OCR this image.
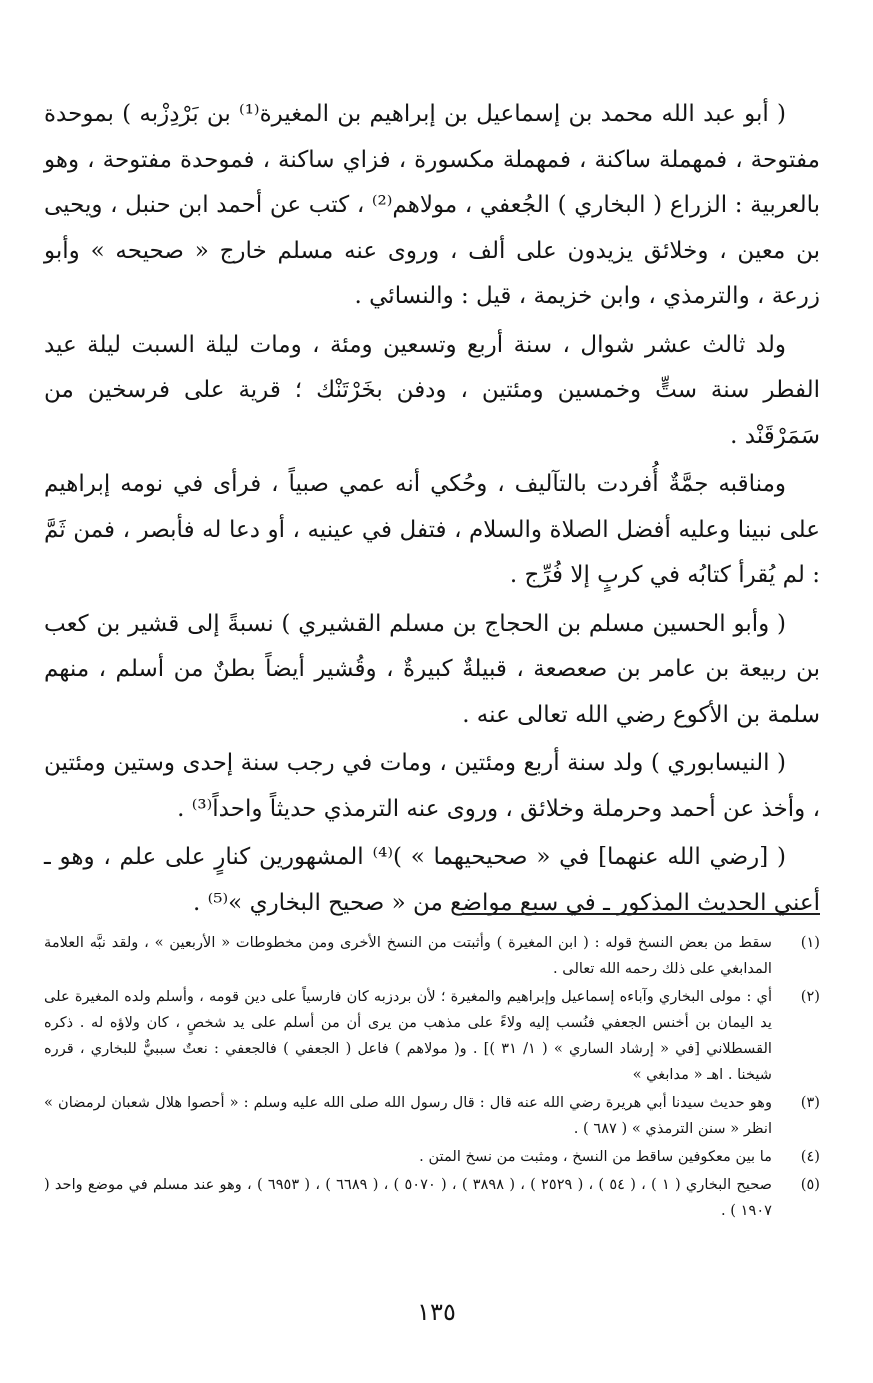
( أبو عبد الله محمد بن إسماعيل بن إبراهيم بن المغيرة⁽¹⁾ بن بَرْدِزْبه ) بموحدة مفتوحة ، فمهملة ساكنة ، فمهملة مكسورة ، فزاي ساكنة ، فموحدة مفتوحة ، وهو بالعربية : الزراع ( البخاري ) الجُعفي ، مولاهم⁽²⁾ ، كتب عن أحمد ابن حنبل ، ويحيى بن معين ، وخلائق يزيدون على ألف ، وروى عنه مسلم خارج « صحيحه » وأبو زرعة ، والترمذي ، وابن خزيمة ، قيل : والنسائي .

ولد ثالث عشر شوال ، سنة أربع وتسعين ومئة ، ومات ليلة السبت ليلة عيد الفطر سنة ستٍّ وخمسين ومئتين ، ودفن بخَرْتَنْك ؛ قرية على فرسخين من سَمَرْقَنْد .

ومناقبه جمَّةٌ أُفردت بالتآليف ، وحُكي أنه عمي صبياً ، فرأى في نومه إبراهيم على نبينا وعليه أفضل الصلاة والسلام ، فتفل في عينيه ، أو دعا له فأبصر ، فمن ثَمَّ : لم يُقرأ كتابُه في كربٍ إلا فُرِّج .

( وأبو الحسين مسلم بن الحجاج بن مسلم القشيري ) نسبةً إلى قشير بن كعب بن ربيعة بن عامر بن صعصعة ، قبيلةٌ كبيرةٌ ، وقُشير أيضاً بطنٌ من أسلم ، منهم سلمة بن الأكوع رضي الله تعالى عنه .

( النيسابوري ) ولد سنة أربع ومئتين ، ومات في رجب سنة إحدى وستين ومئتين ، وأخذ عن أحمد وحرملة وخلائق ، وروى عنه الترمذي حديثاً واحداً⁽³⁾ .

( [رضي الله عنهما] في « صحيحيهما » )⁽⁴⁾ المشهورين كنارٍ على علم ، وهو ـ أعني الحديث المذكور ـ في سبع مواضع من « صحيح البخاري »⁽⁵⁾ .

(١)
سقط من بعض النسخ قوله : ( ابن المغيرة ) وأثبتت من النسخ الأخرى ومن مخطوطات « الأربعين » ، ولقد نبَّه العلامة المدابغي على ذلك رحمه الله تعالى .
(٢)
أي : مولى البخاري وآباءه إسماعيل وإبراهيم والمغيرة ؛ لأن بردزبه كان فارسياً على دين قومه ، وأسلم ولده المغيرة على يد اليمان بن أخنس الجعفي فنُسب إليه ولاءً على مذهب من يرى أن من أسلم على يد شخصٍ ، كان ولاؤه له . ذكره القسطلاني [في « إرشاد الساري » ( ١/ ٣١ )] . و( مولاهم ) فاعل ( الجعفي ) فالجعفي : نعتٌ سببيٌّ للبخاري ، قرره شيخنا . اهـ « مدابغي »
(٣)
وهو حديث سيدنا أبي هريرة رضي الله عنه قال : قال رسول الله صلى الله عليه وسلم : « أحصوا هلال شعبان لرمضان » انظر « سنن الترمذي » ( ٦٨٧ ) .
(٤)
ما بين معكوفين ساقط من النسخ ، ومثبت من نسخ المتن .
(٥)
صحيح البخاري ( ١ ) ، ( ٥٤ ) ، ( ٢٥٢٩ ) ، ( ٣٨٩٨ ) ، ( ٥٠٧٠ ) ، ( ٦٦٨٩ ) ، ( ٦٩٥٣ ) ، وهو عند مسلم في موضع واحد ( ١٩٠٧ ) .
١٣٥
